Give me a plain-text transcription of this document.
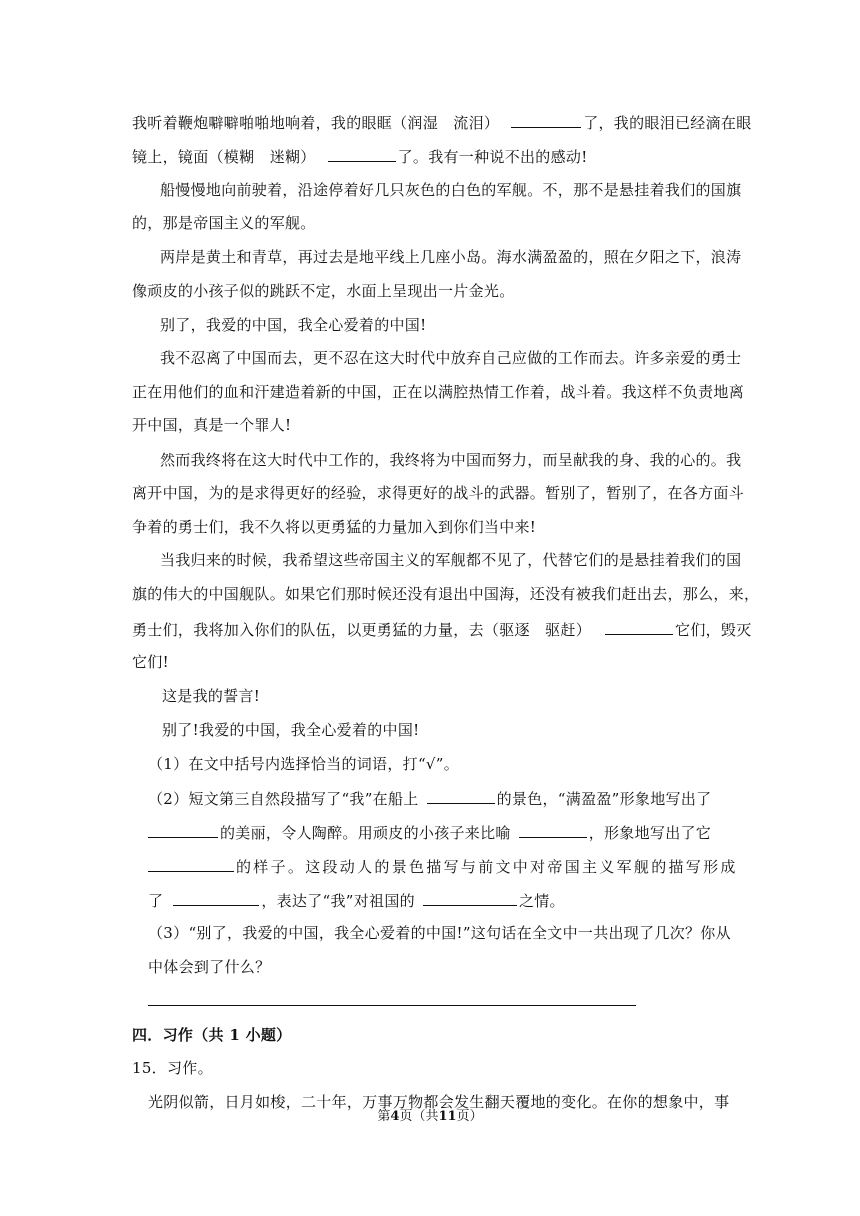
我听着鞭炮噼噼啪啪地响着，我的眼眶（润湿　流泪）	了，我的眼泪已经滴在眼
镜上，镜面（模糊　迷糊）	了。我有一种说不出的感动!
船慢慢地向前驶着，沿途停着好几只灰色的白色的军舰。不，那不是悬挂着我们的国旗
的，那是帝国主义的军舰。
两岸是黄土和青草，再过去是地平线上几座小岛。海水满盈盈的，照在夕阳之下，浪涛
像顽皮的小孩子似的跳跃不定，水面上呈现出一片金光。
别了，我爱的中国，我全心爱着的中国!
我不忍离了中国而去，更不忍在这大时代中放弃自己应做的工作而去。许多亲爱的勇士
正在用他们的血和汗建造着新的中国，正在以满腔热情工作着，战斗着。我这样不负责地离
开中国，真是一个罪人!
然而我终将在这大时代中工作的，我终将为中国而努力，而呈献我的身、我的心的。我
离开中国，为的是求得更好的经验，求得更好的战斗的武器。暂别了，暂别了，在各方面斗
争着的勇士们，我不久将以更勇猛的力量加入到你们当中来!
当我归来的时候，我希望这些帝国主义的军舰都不见了，代替它们的是悬挂着我们的国
旗的伟大的中国舰队。如果它们那时候还没有退出中国海，还没有被我们赶出去，那么，来，
勇士们，我将加入你们的队伍，以更勇猛的力量，去（驱逐　驱赶）	它们，毁灭
它们!
这是我的誓言!
别了!我爱的中国，我全心爱着的中国!
（1）在文中括号内选择恰当的词语，打“√”。
（2）短文第三自然段描写了“我”在船上	的景色，“满盈盈”形象地写出了
的美丽，令人陶醉。用顽皮的小孩子来比喻	，形象地写出了它
的样子。这段动人的景色描写与前文中对帝国主义军舰的描写形成
了	，表达了“我”对祖国的	之情。
（3）“别了，我爱的中国，我全心爱着的中国!”这句话在全文中一共出现了几次？你从
中体会到了什么？
四．习作（共 1 小题）
15．习作。
光阴似箭，日月如梭，二十年，万事万物都会发生翻天覆地的变化。在你的想象中，事
第4页（共11页）
